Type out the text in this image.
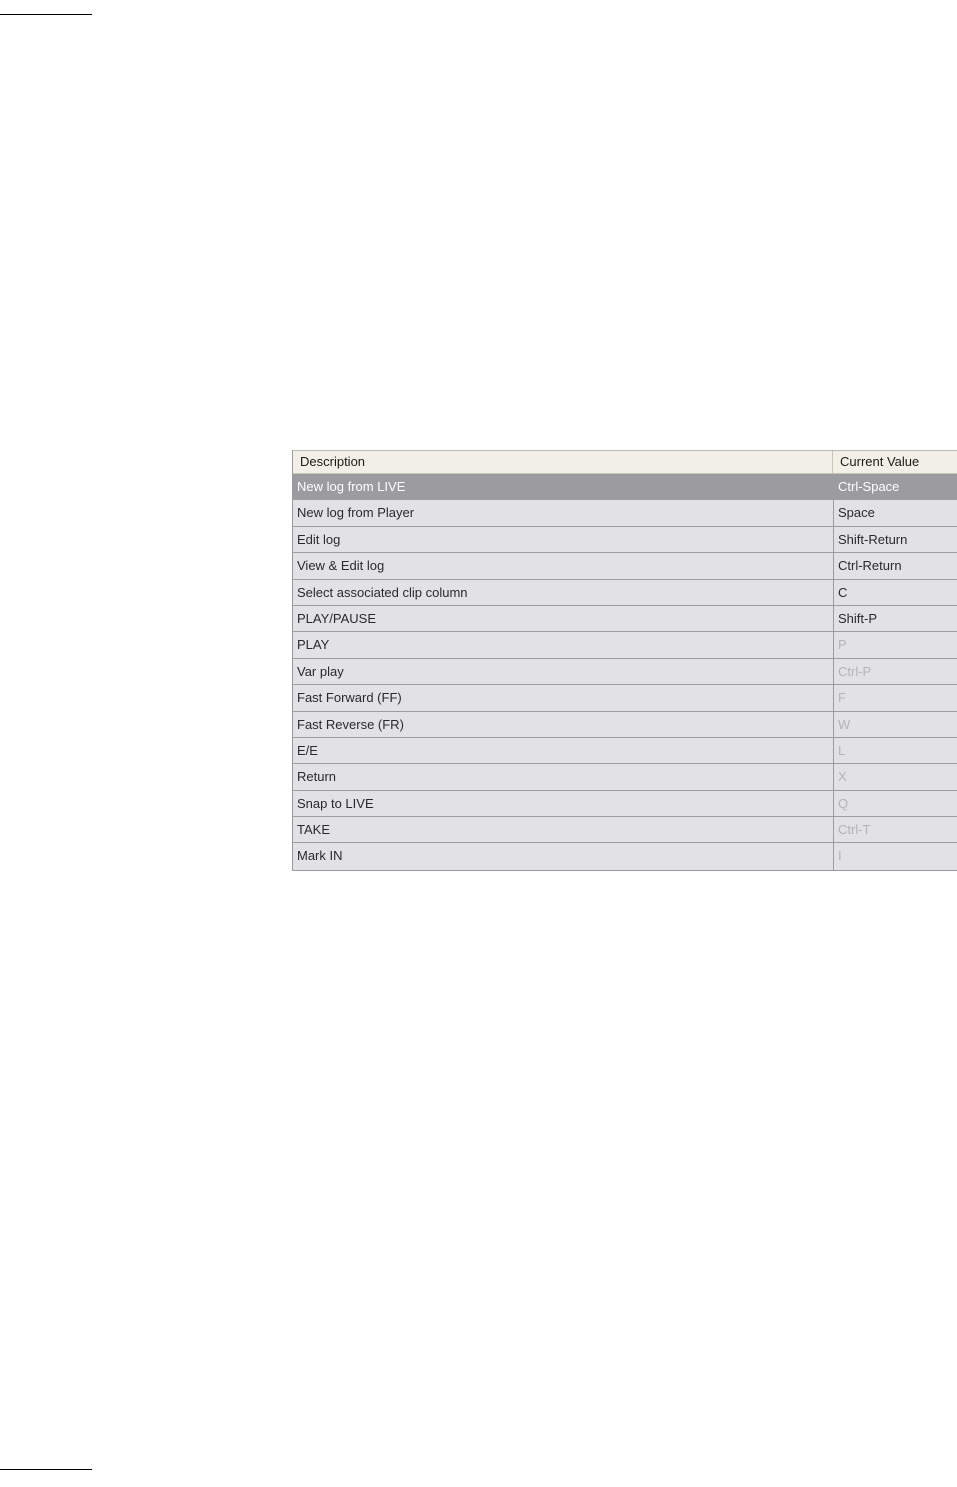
Description	Current Value
New log from LIVE	Ctrl-Space
New log from Player	Space
Edit log	Shift-Return
View & Edit log	Ctrl-Return
Select associated clip column	C
PLAY/PAUSE	Shift-P
PLAY	P
Var play	Ctrl-P
Fast Forward (FF)	F
Fast Reverse (FR)	W
E/E	L
Return	X
Snap to LIVE	Q
TAKE	Ctrl-T
Mark IN	I
